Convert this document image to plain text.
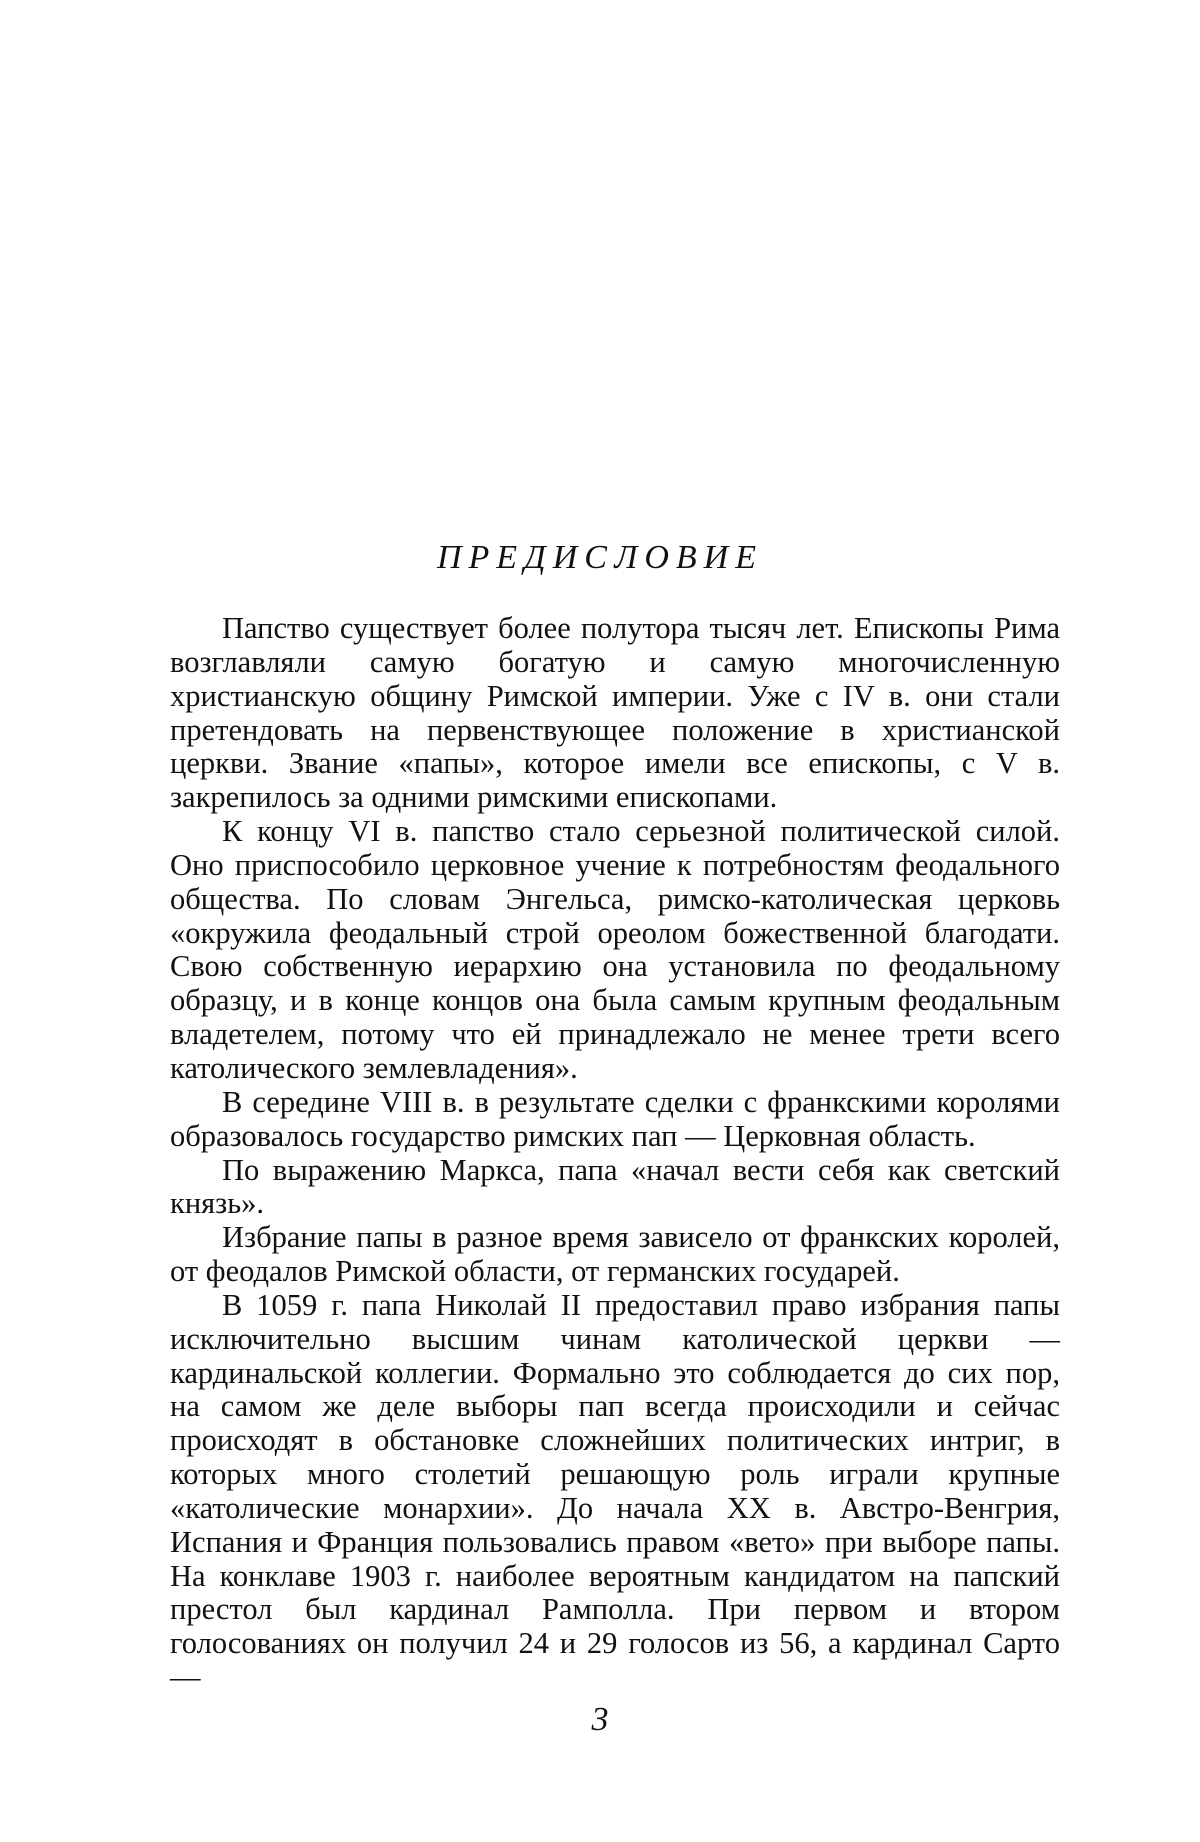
ПРЕДИСЛОВИЕ

Папство существует более полутора тысяч лет. Епископы Рима возглавляли самую богатую и самую многочисленную христианскую общину Римской империи. Уже с IV в. они стали претендовать на первенствующее положение в христианской церкви. Звание «папы», которое имели все епископы, с V в. закрепилось за одними римскими епископами.

К концу VI в. папство стало серьезной политической силой. Оно приспособило церковное учение к потребностям феодального общества. По словам Энгельса, римско-католическая церковь «окружила феодальный строй ореолом божественной благодати. Свою собственную иерархию она установила по феодальному образцу, и в конце концов она была самым крупным феодальным владетелем, потому что ей принадлежало не менее трети всего католического землевладения».

В середине VIII в. в результате сделки с франкскими королями образовалось государство римских пап — Церковная область.

По выражению Маркса, папа «начал вести себя как светский князь».

Избрание папы в разное время зависело от франкских королей, от феодалов Римской области, от германских государей.

В 1059 г. папа Николай II предоставил право избрания папы исключительно высшим чинам католической церкви — кардинальской коллегии. Формально это соблюдается до сих пор, на самом же деле выборы пап всегда происходили и сейчас происходят в обстановке сложнейших политических интриг, в которых много столетий решающую роль играли крупные «католические монархии». До начала XX в. Австро-Венгрия, Испания и Франция пользовались правом «вето» при выборе папы. На конклаве 1903 г. наиболее вероятным кандидатом на папский престол был кардинал Рамполла. При первом и втором голосованиях он получил 24 и 29 голосов из 56, а кардинал Сарто —

3
